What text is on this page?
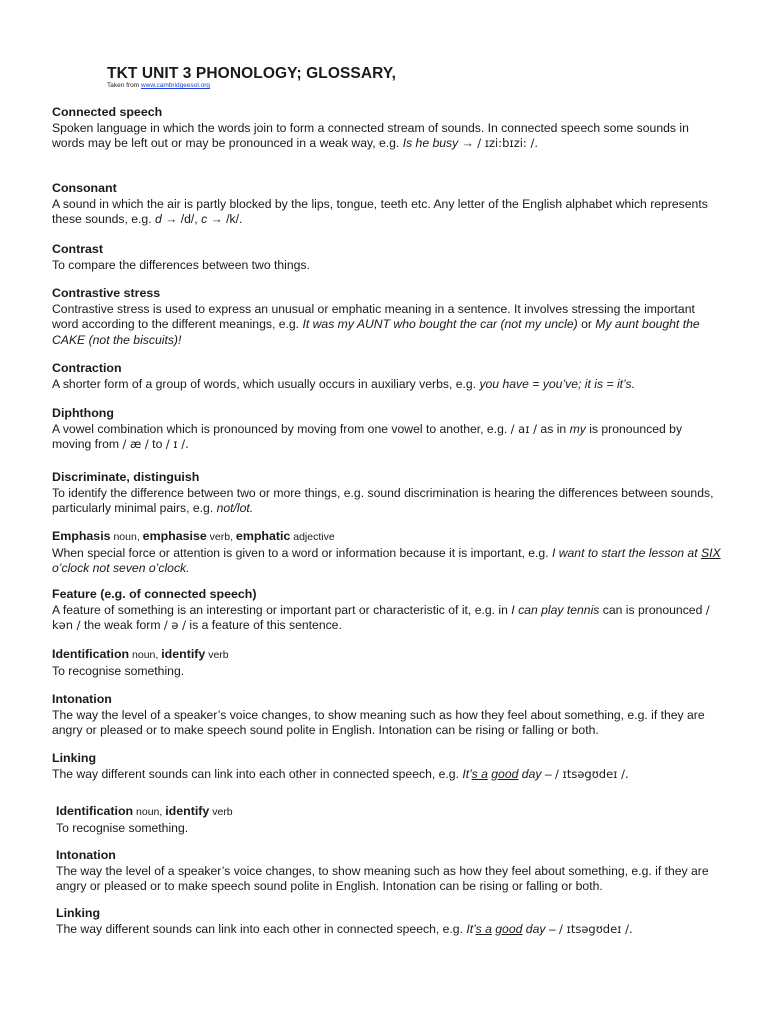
TKT UNIT 3 PHONOLOGY; GLOSSARY,
Taken from www.cambridgeesol.org
Connected speech
Spoken language in which the words join to form a connected stream of sounds. In connected speech some sounds in words may be left out or may be pronounced in a weak way, e.g. Is he busy → / ɪzi:bɪzi: /.
Consonant
A sound in which the air is partly blocked by the lips, tongue, teeth etc. Any letter of the English alphabet which represents these sounds, e.g. d → /d/, c → /k/.
Contrast
To compare the differences between two things.
Contrastive stress
Contrastive stress is used to express an unusual or emphatic meaning in a sentence. It involves stressing the important word according to the different meanings, e.g. It was my AUNT who bought the car (not my uncle) or My aunt bought the CAKE (not the biscuits)!
Contraction
A shorter form of a group of words, which usually occurs in auxiliary verbs, e.g. you have = you’ve; it is = it’s.
Diphthong
A vowel combination which is pronounced by moving from one vowel to another, e.g. / aɪ / as in my is pronounced by moving from / æ / to / ɪ /.
Discriminate, distinguish
To identify the difference between two or more things, e.g. sound discrimination is hearing the differences between sounds, particularly minimal pairs, e.g. not/lot.
Emphasis noun, emphasise verb, emphatic adjective
When special force or attention is given to a word or information because it is important, e.g. I want to start the lesson at SIX o’clock not seven o’clock.
Feature (e.g. of connected speech)
A feature of something is an interesting or important part or characteristic of it, e.g. in I can play tennis can is pronounced / kən / the weak form / ə / is a feature of this sentence.
Identification noun, identify verb
To recognise something.
Intonation
The way the level of a speaker’s voice changes, to show meaning such as how they feel about something, e.g. if they are angry or pleased or to make speech sound polite in English. Intonation can be rising or falling or both.
Linking
The way different sounds can link into each other in connected speech, e.g. It’s a good day – / ɪtsəgʊdeɪ /.
Identification noun, identify verb
To recognise something.
Intonation
The way the level of a speaker’s voice changes, to show meaning such as how they feel about something, e.g. if they are angry or pleased or to make speech sound polite in English. Intonation can be rising or falling or both.
Linking
The way different sounds can link into each other in connected speech, e.g. It’s a good day – / ɪtsəgʊdeɪ /.
